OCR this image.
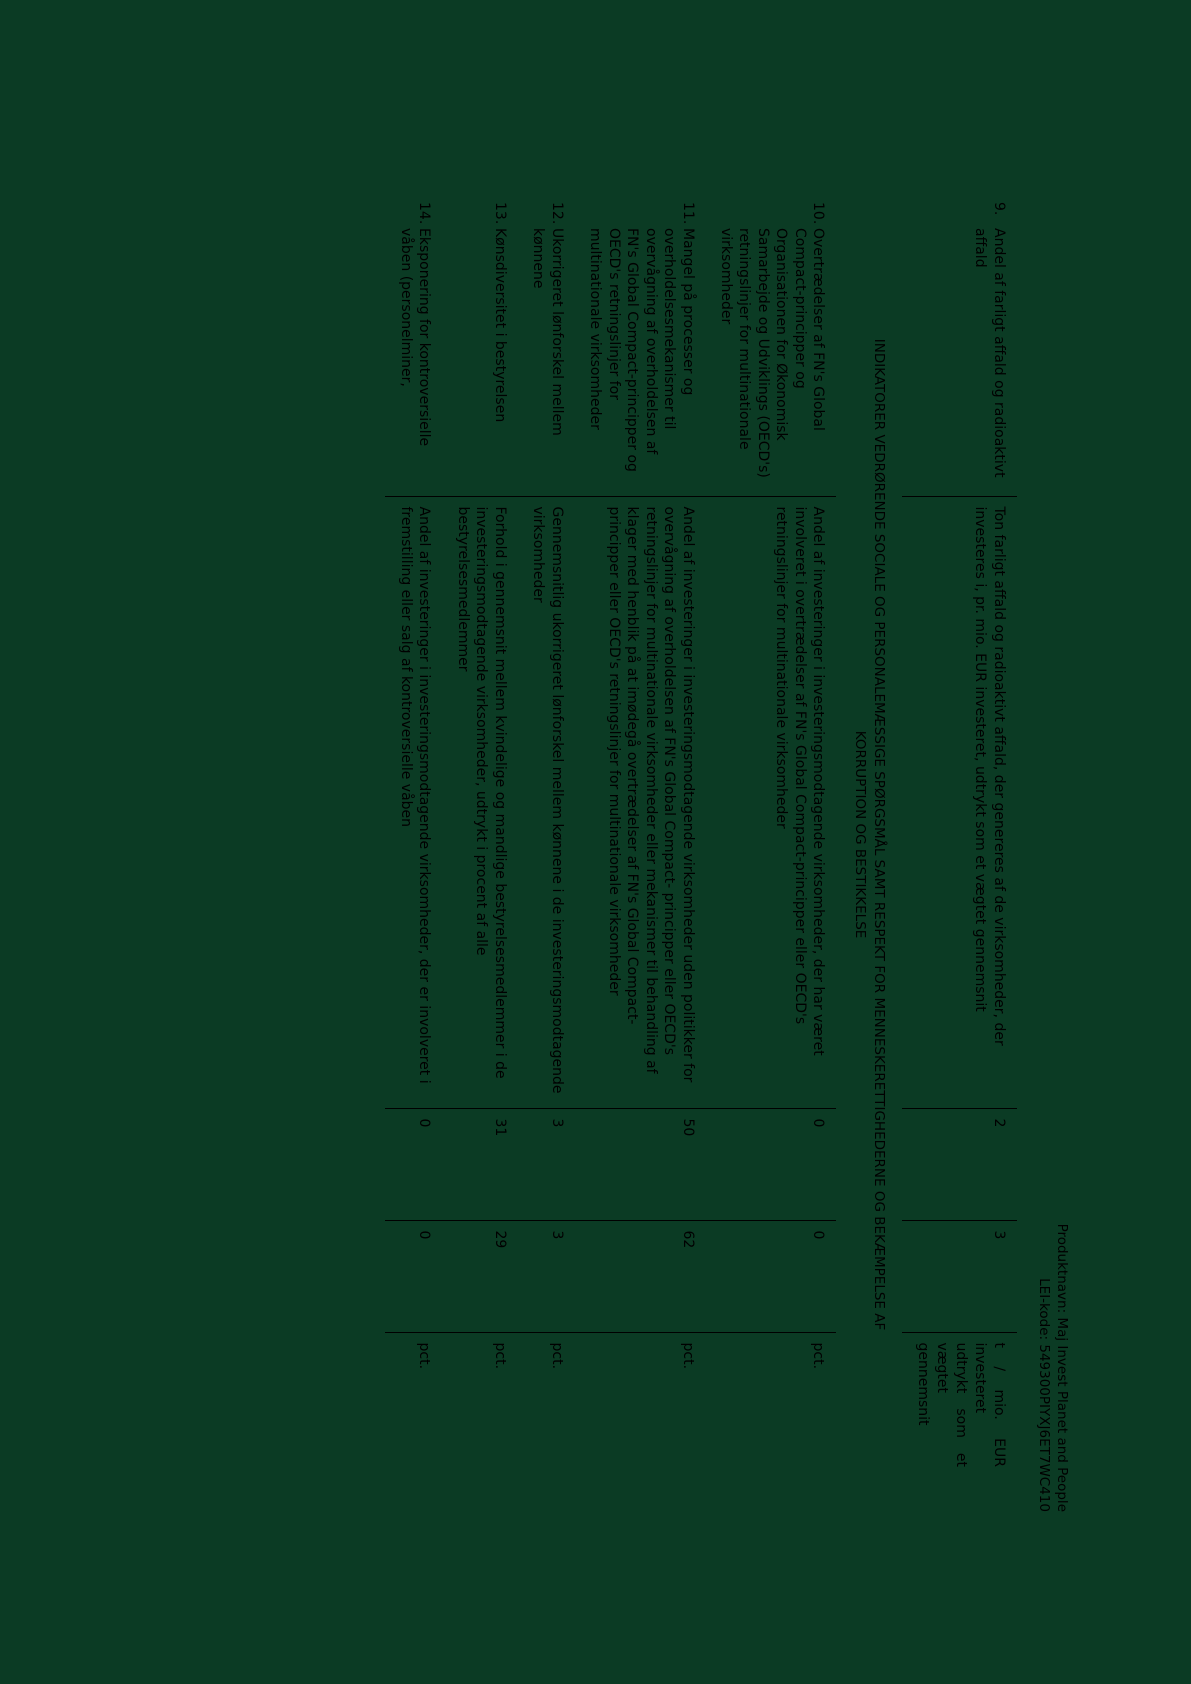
Produktnavn: Maj Invest Planet and People
LEI-kode: 549300PIYXJ6ET7WC410
9.	Andel af farligt affald og radioaktivt affald	Ton farligt affald og radioaktivt affald, der genereres af de virksomheder, der investeres i, pr. mio. EUR investeret, udtrykt som et vægtet gennemsnit	2	3	t / mio. EUR investeret udtrykt som et vægtet gennemsnit

INDIKATORER VEDRØRENDE SOCIALE OG PERSONALEMÆSSIGE SPØRGSMÅL SAMT RESPEKT FOR MENNESKERETTIGHEDERNE OG BEKÆMPELSE AF KORRUPTION OG BESTIKKELSE					

10.	Overtrædelser af FN's Global Compact-principper og Organisationen for Økonomisk Samarbejde og Udviklings (OECD's) retningslinjer for multinationale virksomheder	Andel af investeringer i investeringsmodtagende virksomheder, der har været involveret i overtrædelser af FN's Global Compact-principper eller OECD's retningslinjer for multinationale virksomheder	0	0	pct.

11.	Mangel på processer og overholdelsesmekanismer til overvågning af overholdelsen af FN's Global Compact-principper og OECD's retningslinjer for multinationale virksomheder	Andel af investeringer i investeringsmodtagende virksomheder uden politikker for overvågning af overholdelsen af FN's Global Compact- principper eller OECD's retningslinjer for multinationale virksomheder eller mekanismer til behandling af klager med henblik på at imødegå overtrædelser af FN's Global Compact- principper eller OECD's retningslinjer for multinationale virksomheder	50	62	pct.

12.	Ukorrigeret lønforskel mellem kønnene	Gennemsnitlig ukorrigeret lønforskel mellem kønnene i de investeringsmodtagende virksomheder	3	3	pct.

13.	Kønsdiversitet i bestyrelsen	Forhold i gennemsnit mellem kvindelige og mandlige bestyrelsesmedlemmer i de investeringsmodtagende virksomheder, udtrykt i procent af alle bestyrelsesmedlemmer	31	29	pct.

14.	Eksponering for kontroversielle våben (personelminer,	Andel af investeringer i investeringsmodtagende virksomheder, der er involveret i fremstilling eller salg af kontroversielle våben	0	0	pct.
